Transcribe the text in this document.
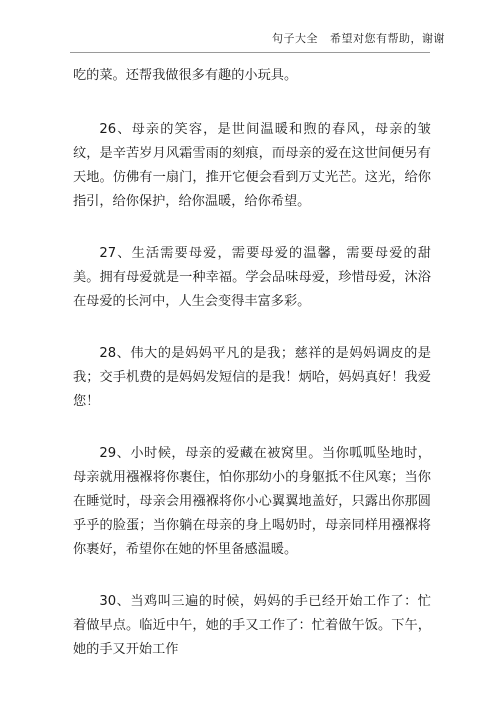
句子大全 希望对您有帮助，谢谢

吃的菜。还帮我做很多有趣的小玩具。

26、母亲的笑容，是世间温暖和煦的春风，母亲的皱纹，是辛苦岁月风霜雪雨的刻痕，而母亲的爱在这世间便另有天地。仿佛有一扇门，推开它便会看到万丈光芒。这光，给你指引，给你保护，给你温暖，给你希望。

27、生活需要母爱，需要母爱的温馨，需要母爱的甜美。拥有母爱就是一种幸福。学会品味母爱，珍惜母爱，沐浴在母爱的长河中，人生会变得丰富多彩。

28、伟大的是妈妈平凡的是我；慈祥的是妈妈调皮的是我；交手机费的是妈妈发短信的是我！炳哈，妈妈真好！我爱您！

29、小时候，母亲的爱藏在被窝里。当你呱呱坠地时，母亲就用襁褓将你裹住，怕你那幼小的身躯抵不住风寒；当你在睡觉时，母亲会用襁褓将你小心翼翼地盖好，只露出你那圆乎乎的脸蛋；当你躺在母亲的身上喝奶时，母亲同样用襁褓将你裹好，希望你在她的怀里备感温暖。

30、当鸡叫三遍的时候，妈妈的手已经开始工作了：忙着做早点。临近中午，她的手又工作了：忙着做午饭。下午，她的手又开始工作
